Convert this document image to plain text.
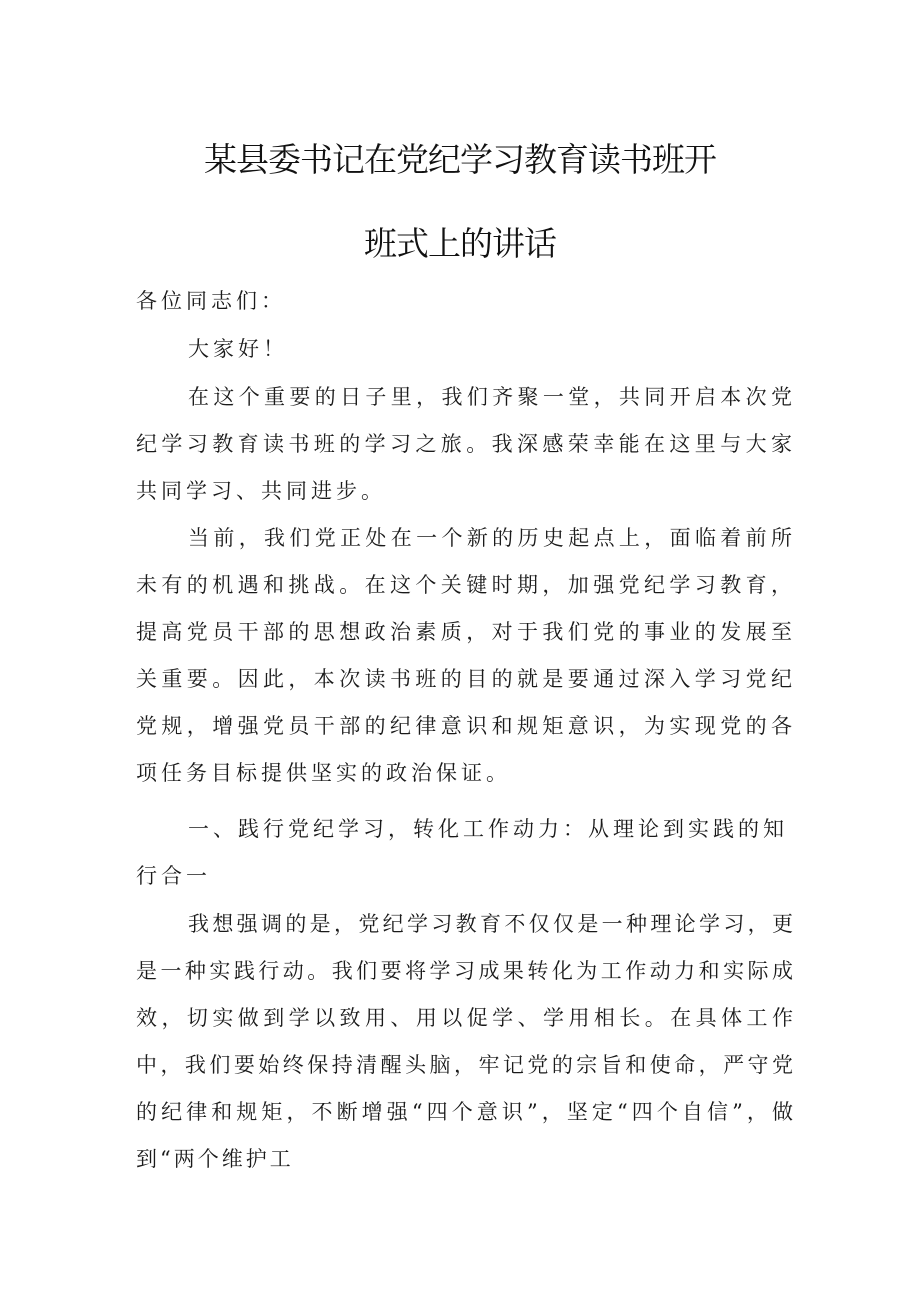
某县委书记在党纪学习教育读书班开
班式上的讲话
各位同志们：
大家好！
在这个重要的日子里，我们齐聚一堂，共同开启本次党纪学习教育读书班的学习之旅。我深感荣幸能在这里与大家共同学习、共同进步。
当前，我们党正处在一个新的历史起点上，面临着前所未有的机遇和挑战。在这个关键时期，加强党纪学习教育，提高党员干部的思想政治素质，对于我们党的事业的发展至关重要。因此，本次读书班的目的就是要通过深入学习党纪党规，增强党员干部的纪律意识和规矩意识，为实现党的各项任务目标提供坚实的政治保证。
一、践行党纪学习，转化工作动力：从理论到实践的知行合一
我想强调的是，党纪学习教育不仅仅是一种理论学习，更是一种实践行动。我们要将学习成果转化为工作动力和实际成效，切实做到学以致用、用以促学、学用相长。在具体工作中，我们要始终保持清醒头脑，牢记党的宗旨和使命，严守党的纪律和规矩，不断增强“四个意识”，坚定“四个自信”，做到“两个维护工
